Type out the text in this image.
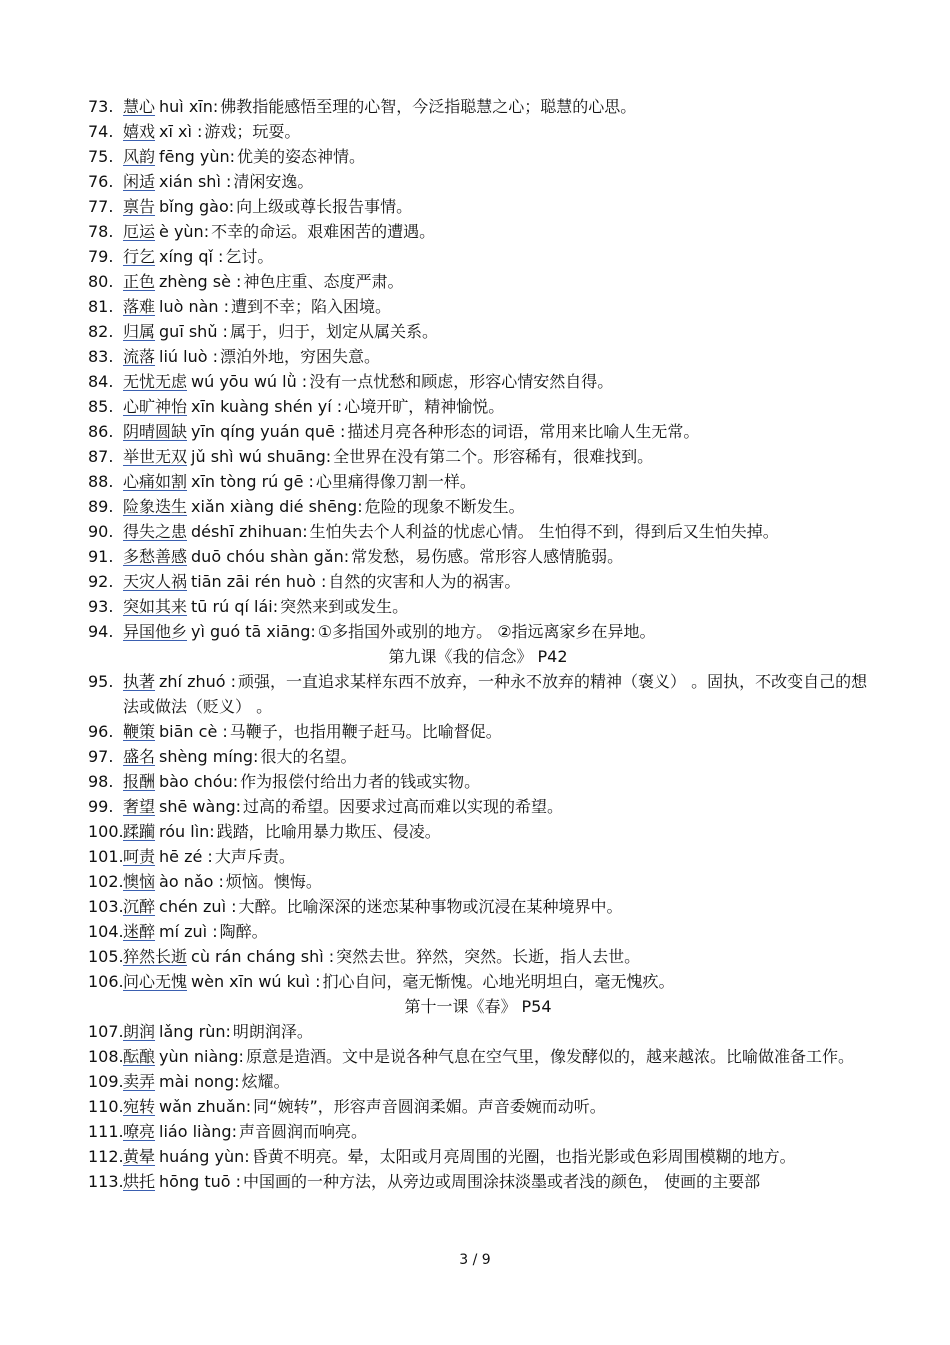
73. 慧心 huì xīn: 佛教指能感悟至理的心智，今泛指聪慧之心；聪慧的心思。
74. 嬉戏 xī xì : 游戏；玩耍。
75. 风韵 fēng yùn: 优美的姿态神情。
76. 闲适 xián shì : 清闲安逸。
77. 禀告 bǐng gào: 向上级或尊长报告事情。
78. 厄运 è yùn: 不幸的命运。艰难困苦的遭遇。
79. 行乞 xíng qǐ : 乞讨。
80. 正色 zhèng sè : 神色庄重、态度严肃。
81. 落难 luò nàn : 遭到不幸；陷入困境。
82. 归属 guī shǔ : 属于，归于，划定从属关系。
83. 流落 liú luò : 漂泊外地，穷困失意。
84. 无忧无虑 wú yōu wú lǜ : 没有一点忧愁和顾虑，形容心情安然自得。
85. 心旷神怡 xīn kuàng shén yí : 心境开旷，精神愉悦。
86. 阴晴圆缺 yīn qíng yuán quē : 描述月亮各种形态的词语，常用来比喻人生无常。
87. 举世无双 jǔ shì wú shuāng: 全世界在没有第二个。形容稀有，很难找到。
88. 心痛如割 xīn tòng rú gē : 心里痛得像刀割一样。
89. 险象迭生 xiǎn xiàng dié shēng: 危险的现象不断发生。
90. 得失之患 déshī zhihuan: 生怕失去个人利益的忧虑心情。 生怕得不到，得到后又生怕失掉。
91. 多愁善感 duō chóu shàn gǎn: 常发愁，易伤感。常形容人感情脆弱。
92. 天灾人祸 tiān zāi rén huò : 自然的灾害和人为的祸害。
93. 突如其来 tū rú qí lái: 突然来到或发生。
94. 异国他乡 yì guó tā xiāng: ①多指国外或别的地方。 ②指远离家乡在异地。
第九课《我的信念》 P42
95. 执著 zhí zhuó : 顽强，一直追求某样东西不放弃，一种永不放弃的精神（褒义） 。固执，不改变自己的想法或做法（贬义） 。
96. 鞭策 biān cè : 马鞭子，也指用鞭子赶马。比喻督促。
97. 盛名 shèng míng: 很大的名望。
98. 报酬 bào chóu: 作为报偿付给出力者的钱或实物。
99. 奢望 shē wàng: 过高的希望。因要求过高而难以实现的希望。
100. 蹂躏 róu lìn: 践踏，比喻用暴力欺压、侵凌。
101. 呵责 hē zé : 大声斥责。
102. 懊恼 ào nǎo : 烦恼。懊悔。
103. 沉醉 chén zuì : 大醉。比喻深深的迷恋某种事物或沉浸在某种境界中。
104. 迷醉 mí zuì : 陶醉。
105. 猝然长逝 cù rán cháng shì : 突然去世。猝然，突然。长逝，指人去世。
106. 问心无愧 wèn xīn wú kuì : 扪心自问，毫无惭愧。心地光明坦白，毫无愧疚。
第十一课《春》 P54
107. 朗润 lǎng rùn: 明朗润泽。
108. 酝酿 yùn niàng: 原意是造酒。文中是说各种气息在空气里，像发酵似的，越来越浓。比喻做准备工作。
109. 卖弄 mài nong: 炫耀。
110. 宛转 wǎn zhuǎn: 同“婉转”，形容声音圆润柔媚。声音委婉而动听。
111. 嘹亮 liáo liàng: 声音圆润而响亮。
112. 黄晕 huáng yùn: 昏黄不明亮。晕，太阳或月亮周围的光圈，也指光影或色彩周围模糊的地方。
113. 烘托 hōng tuō : 中国画的一种方法，从旁边或周围涂抹淡墨或者浅的颜色， 使画的主要部
3 / 9
